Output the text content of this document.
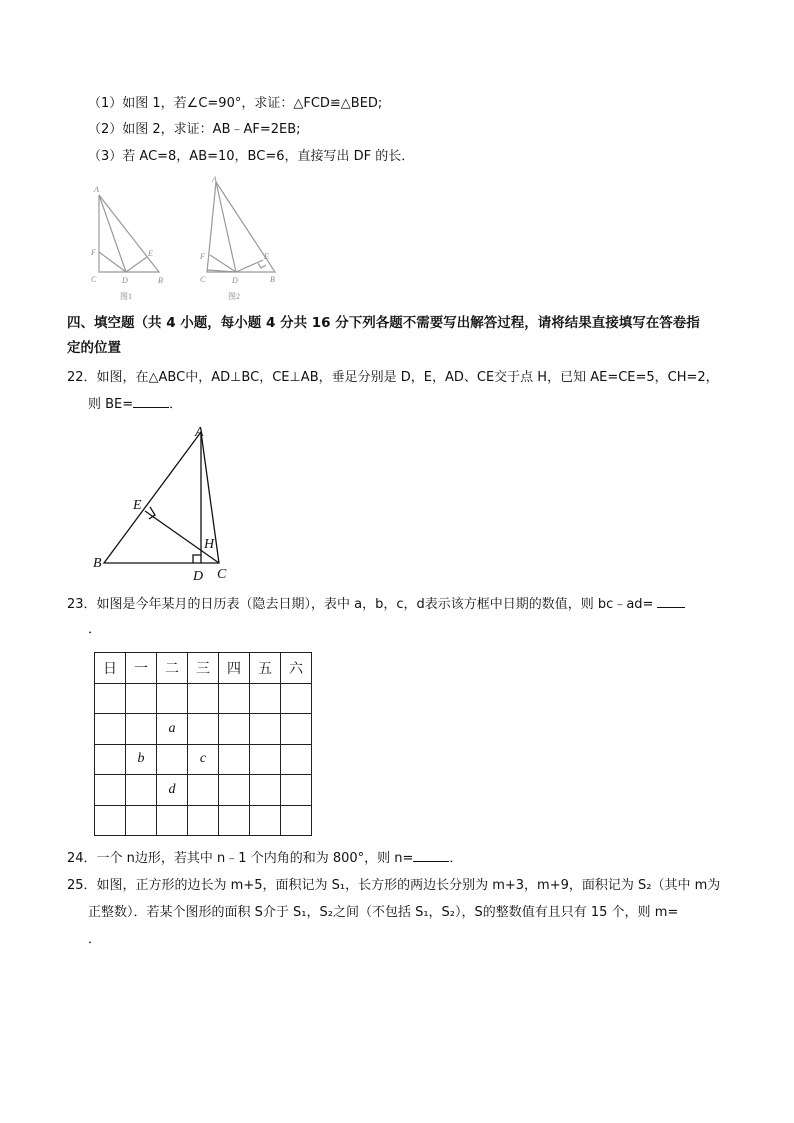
（1）如图 1，若∠C=90°，求证：△FCD≌△BED;
（2）如图 2，求证：AB﹣AF=2EB;
（3）若 AC=8，AB=10，BC=6，直接写出 DF 的长．
A
F	E
C	D	B
A
F	E
C	D	B
图1	图2
A
B
C
D
E
H
四、填空题（共 4 小题，每小题 4 分共 16 分下列各题不需要写出解答过程，请将结果直接填写在答卷指
定的位置
22．如图，在△ABC中，AD⊥BC，CE⊥AB，垂足分别是 D，E，AD、CE交于点 H，已知 AE=CE=5，CH=2，
则 BE=	．
23．如图是今年某月的日历表（隐去日期），表中 a，b，c，d表示该方框中日期的数值，则 bc﹣ad=
．
日	一	二	三	四	五	六

		a				
	b		c			
		d				

24．一个 n边形，若其中 n﹣1 个内角的和为 800°，则 n=	．
25．如图，正方形的边长为 m+5，面积记为 S₁，长方形的两边长分别为 m+3，m+9，面积记为 S₂（其中 m为
正整数）．若某个图形的面积 S介于 S₁，S₂之间（不包括 S₁，S₂），S的整数值有且只有 15 个，则 m=
．
